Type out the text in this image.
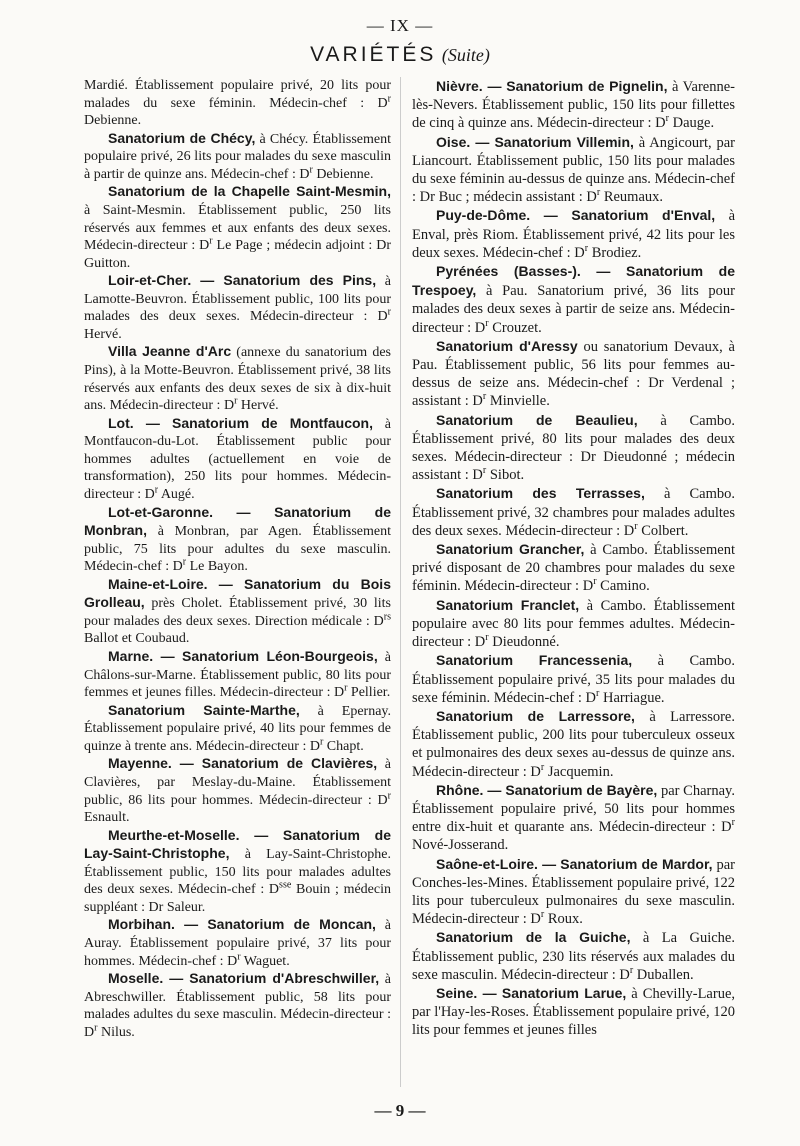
— IX —
VARIÉTÉS (Suite)

Mardié. Établissement populaire privé, 20 lits pour malades du sexe féminin. Médecin-chef : $D^r$ Debienne.

Sanatorium de Chécy, à Chécy. Établissement populaire privé, 26 lits pour malades du sexe masculin à partir de quinze ans. Médecin-chef : $D^r$ Debienne.

Sanatorium de la Chapelle Saint-Mesmin, à Saint-Mesmin. Établissement public, 250 lits réservés aux femmes et aux enfants des deux sexes. Médecin-directeur : $D^r$ Le Page ; médecin adjoint : Dr Guitton.

Loir-et-Cher. — Sanatorium des Pins, à Lamotte-Beuvron. Établissement public, 100 lits pour malades des deux sexes. Médecin-directeur : $D^r$ Hervé.

Villa Jeanne d'Arc (annexe du sanatorium des Pins), à la Motte-Beuvron. Établissement privé, 38 lits réservés aux enfants des deux sexes de six à dix-huit ans. Médecin-directeur : $D^r$ Hervé.

Lot. — Sanatorium de Montfaucon, à Montfaucon-du-Lot. Établissement public pour hommes adultes (actuellement en voie de transformation), 250 lits pour hommes. Médecin-directeur : $D^r$ Augé.

Lot-et-Garonne. — Sanatorium de Monbran, à Monbran, par Agen. Établissement public, 75 lits pour adultes du sexe masculin. Médecin-chef : $D^r$ Le Bayon.

Maine-et-Loire. — Sanatorium du Bois Grolleau, près Cholet. Établissement privé, 30 lits pour malades des deux sexes. Direction médicale : $D^{rs}$ Ballot et Coubaud.

Marne. — Sanatorium Léon-Bourgeois, à Châlons-sur-Marne. Établissement public, 80 lits pour femmes et jeunes filles. Médecin-directeur : $D^r$ Pellier.

Sanatorium Sainte-Marthe, à Epernay. Établissement populaire privé, 40 lits pour femmes de quinze à trente ans. Médecin-directeur : $D^r$ Chapt.

Mayenne. — Sanatorium de Clavières, à Clavières, par Meslay-du-Maine. Établissement public, 86 lits pour hommes. Médecin-directeur : $D^r$ Esnault.

Meurthe-et-Moselle. — Sanatorium de Lay-Saint-Christophe, à Lay-Saint-Christophe. Établissement public, 150 lits pour malades adultes des deux sexes. Médecin-chef : $D^{sse}$ Bouin ; médecin suppléant : Dr Saleur.

Morbihan. — Sanatorium de Moncan, à Auray. Établissement populaire privé, 37 lits pour hommes. Médecin-chef : $D^r$ Waguet.

Moselle. — Sanatorium d'Abreschwiller, à Abreschwiller. Établissement public, 58 lits pour malades adultes du sexe masculin. Médecin-directeur : $D^r$ Nilus.

Nièvre. — Sanatorium de Pignelin, à Varenne-lès-Nevers. Établissement public, 150 lits pour fillettes de cinq à quinze ans. Médecin-directeur : $D^r$ Dauge.

Oise. — Sanatorium Villemin, à Angicourt, par Liancourt. Établissement public, 150 lits pour malades du sexe féminin au-dessus de quinze ans. Médecin-chef : Dr Buc ; médecin assistant : $D^r$ Reumaux.

Puy-de-Dôme. — Sanatorium d'Enval, à Enval, près Riom. Établissement privé, 42 lits pour les deux sexes. Médecin-chef : $D^r$ Brodiez.

Pyrénées (Basses-). — Sanatorium de Trespoey, à Pau. Sanatorium privé, 36 lits pour malades des deux sexes à partir de seize ans. Médecin-directeur : $D^r$ Crouzet.

Sanatorium d'Aressy ou sanatorium Devaux, à Pau. Établissement public, 56 lits pour femmes au-dessus de seize ans. Médecin-chef : Dr Verdenal ; assistant : $D^r$ Minvielle.

Sanatorium de Beaulieu, à Cambo. Établissement privé, 80 lits pour malades des deux sexes. Médecin-directeur : Dr Dieudonné ; médecin assistant : $D^r$ Sibot.

Sanatorium des Terrasses, à Cambo. Établissement privé, 32 chambres pour malades adultes des deux sexes. Médecin-directeur : $D^r$ Colbert.

Sanatorium Grancher, à Cambo. Établissement privé disposant de 20 chambres pour malades du sexe féminin. Médecin-directeur : $D^r$ Camino.

Sanatorium Franclet, à Cambo. Établissement populaire avec 80 lits pour femmes adultes. Médecin-directeur : $D^r$ Dieudonné.

Sanatorium Francessenia, à Cambo. Établissement populaire privé, 35 lits pour malades du sexe féminin. Médecin-chef : $D^r$ Harriague.

Sanatorium de Larressore, à Larressore. Établissement public, 200 lits pour tuberculeux osseux et pulmonaires des deux sexes au-dessus de quinze ans. Médecin-directeur : $D^r$ Jacquemin.

Rhône. — Sanatorium de Bayère, par Charnay. Établissement populaire privé, 50 lits pour hommes entre dix-huit et quarante ans. Médecin-directeur : $D^r$ Nové-Josserand.

Saône-et-Loire. — Sanatorium de Mardor, par Conches-les-Mines. Établissement populaire privé, 122 lits pour tuberculeux pulmonaires du sexe masculin. Médecin-directeur : $D^r$ Roux.

Sanatorium de la Guiche, à La Guiche. Établissement public, 230 lits réservés aux malades du sexe masculin. Médecin-directeur : $D^r$ Duballen.

Seine. — Sanatorium Larue, à Chevilly-Larue, par l'Hay-les-Roses. Établissement populaire privé, 120 lits pour femmes et jeunes filles

— 9 —
